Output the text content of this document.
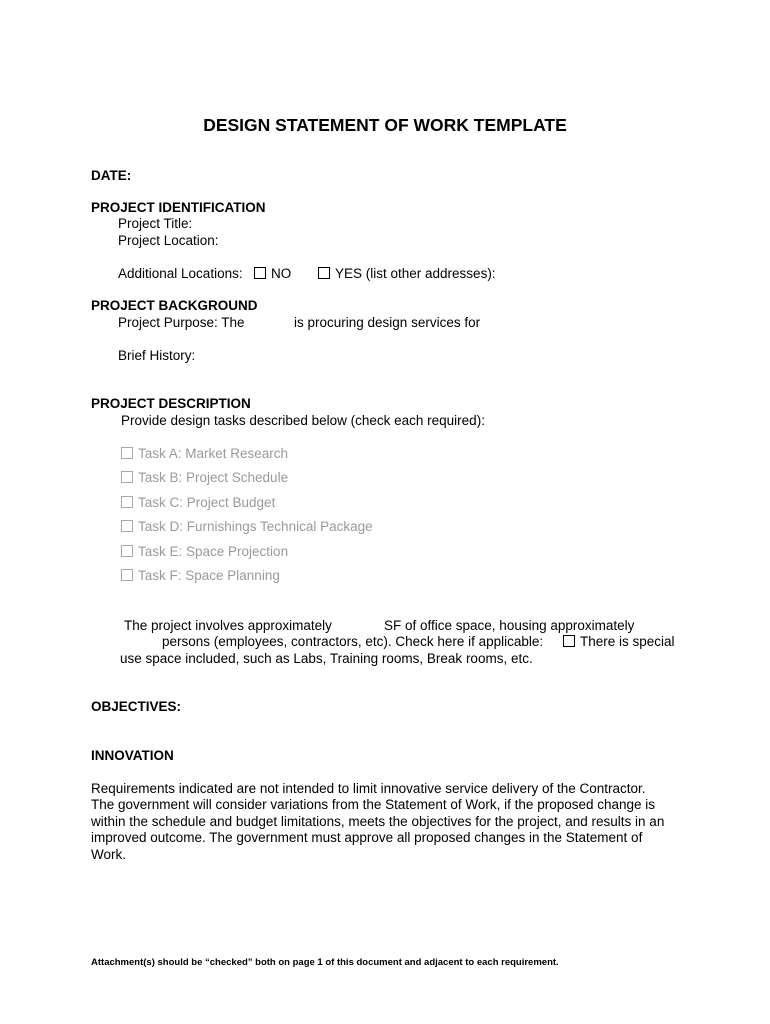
DESIGN STATEMENT OF WORK TEMPLATE
DATE:
PROJECT IDENTIFICATION
Project Title:
Project Location:
Additional Locations:	NO	YES (list other addresses):
PROJECT BACKGROUND
Project Purpose: The	is procuring design services for
Brief History:
PROJECT DESCRIPTION
Provide design tasks described below (check each required):
Task A: Market Research
Task B: Project Schedule
Task C: Project Budget
Task D: Furnishings Technical Package
Task E: Space Projection
Task F: Space Planning
The project involves approximately	SF of office space, housing approximately
persons (employees, contractors, etc). Check here if applicable:	There is special
use space included, such as Labs, Training rooms, Break rooms, etc.
OBJECTIVES:
INNOVATION
Requirements indicated are not intended to limit innovative service delivery of the Contractor.
The government will consider variations from the Statement of Work, if the proposed change is
within the schedule and budget limitations, meets the objectives for the project, and results in an
improved outcome. The government must approve all proposed changes in the Statement of
Work.
Attachment(s) should be “checked” both on page 1 of this document and adjacent to each requirement.
